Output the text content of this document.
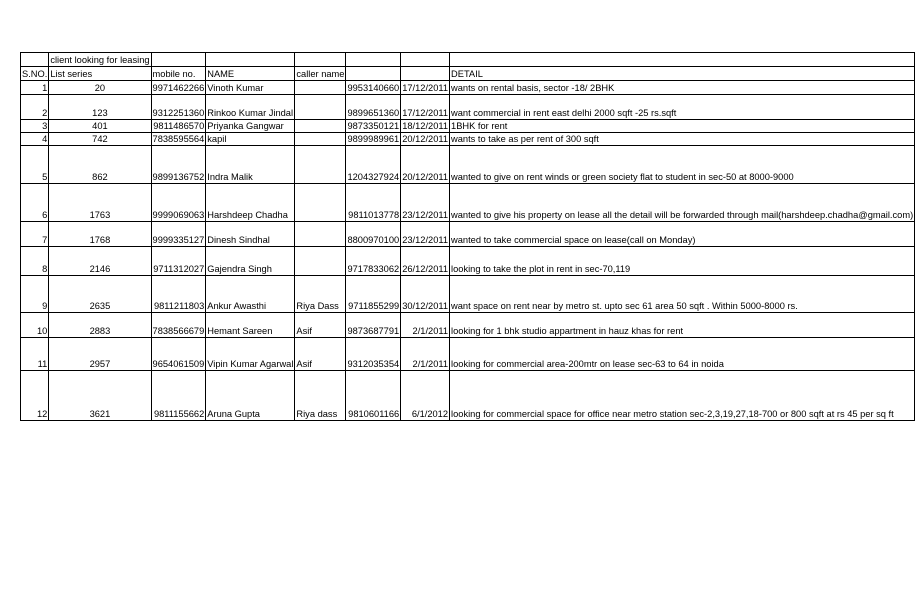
	client looking for leasing						
S.NO.	List series	mobile no.	NAME	caller name			DETAIL
1	20	9971462266	Vinoth Kumar		9953140660	17/12/2011	wants on rental basis, sector -18/ 2BHK
2	123	9312251360	Rinkoo Kumar Jindal		9899651360	17/12/2011	want commercial in rent east delhi 2000 sqft -25 rs.sqft
3	401	9811486570	Priyanka Gangwar		9873350121	18/12/2011	1BHK for rent
4	742	7838595564	kapil		9899989961	20/12/2011	wants to take as per rent of 300 sqft
5	862	9899136752	Indra Malik		1204327924	20/12/2011	wanted to give on rent winds or green society flat to student in sec-50 at 8000-9000
6	1763	9999069063	Harshdeep Chadha		9811013778	23/12/2011	wanted to give his property on lease all the detail will be forwarded through mail(harshdeep.chadha@gmail.com)
7	1768	9999335127	Dinesh Sindhal		8800970100	23/12/2011	wanted to take commercial space on lease(call on Monday)
8	2146	9711312027	Gajendra Singh		9717833062	26/12/2011	looking to take the plot in rent in sec-70,119
9	2635	9811211803	Ankur Awasthi	Riya Dass	9711855299	30/12/2011	want space on rent near by metro st. upto sec 61 area 50 sqft . Within 5000-8000 rs.
10	2883	7838566679	Hemant Sareen	Asif	9873687791	2/1/2011	looking for 1 bhk studio appartment in hauz khas for rent
11	2957	9654061509	Vipin Kumar Agarwal	Asif	9312035354	2/1/2011	looking for commercial area-200mtr on lease sec-63 to 64 in noida
12	3621	9811155662	Aruna Gupta	Riya dass	9810601166	6/1/2012	looking for commercial space for office near metro station sec-2,3,19,27,18-700 or 800 sqft at rs 45 per sq ft
